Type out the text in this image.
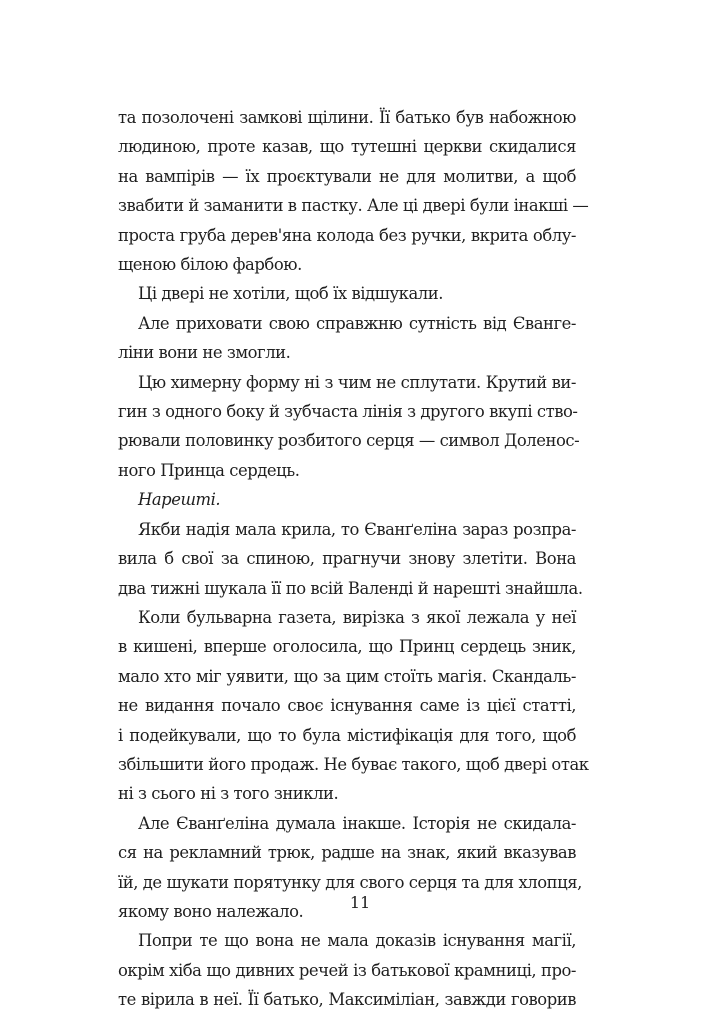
та позолочені замкові щілини. Її батько був набожною
людиною, проте казав, що тутешні церкви скидалися
на вампірів — їх проєктували не для молитви, а щоб
звабити й заманити в пастку. Але ці двері були інакші —
проста груба дерев'яна колода без ручки, вкрита облу-
щеною білою фарбою.
Ці двері не хотіли, щоб їх відшукали.
Але приховати свою справжню сутність від Єванге-
ліни вони не змогли.
Цю химерну форму ні з чим не сплутати. Крутий ви-
гин з одного боку й зубчаста лінія з другого вкупі ство-
рювали половинку розбитого серця — символ Доленос-
ного Принца сердець.
Нарешті.
Якби надія мала крила, то Єванґеліна зараз розпра-
вила б свої за спиною, прагнучи знову злетіти. Вона
два тижні шукала її по всій Валенді й нарешті знайшла.
Коли бульварна газета, вирізка з якої лежала у неї
в кишені, вперше оголосила, що Принц сердець зник,
мало хто міг уявити, що за цим стоїть магія. Скандаль-
не видання почало своє існування саме із цієї статті,
і подейкували, що то була містифікація для того, щоб
збільшити його продаж. Не буває такого, щоб двері отак
ні з сього ні з того зникли.
Але Єванґеліна думала інакше. Історія не скидала-
ся на рекламний трюк, радше на знак, який вказував
їй, де шукати порятунку для свого серця та для хлопця,
якому воно належало.
Попри те що вона не мала доказів існування магії,
окрім хіба що дивних речей із батькової крамниці, про-
те вірила в неї. Її батько, Максиміліан, завжди говорив
11
